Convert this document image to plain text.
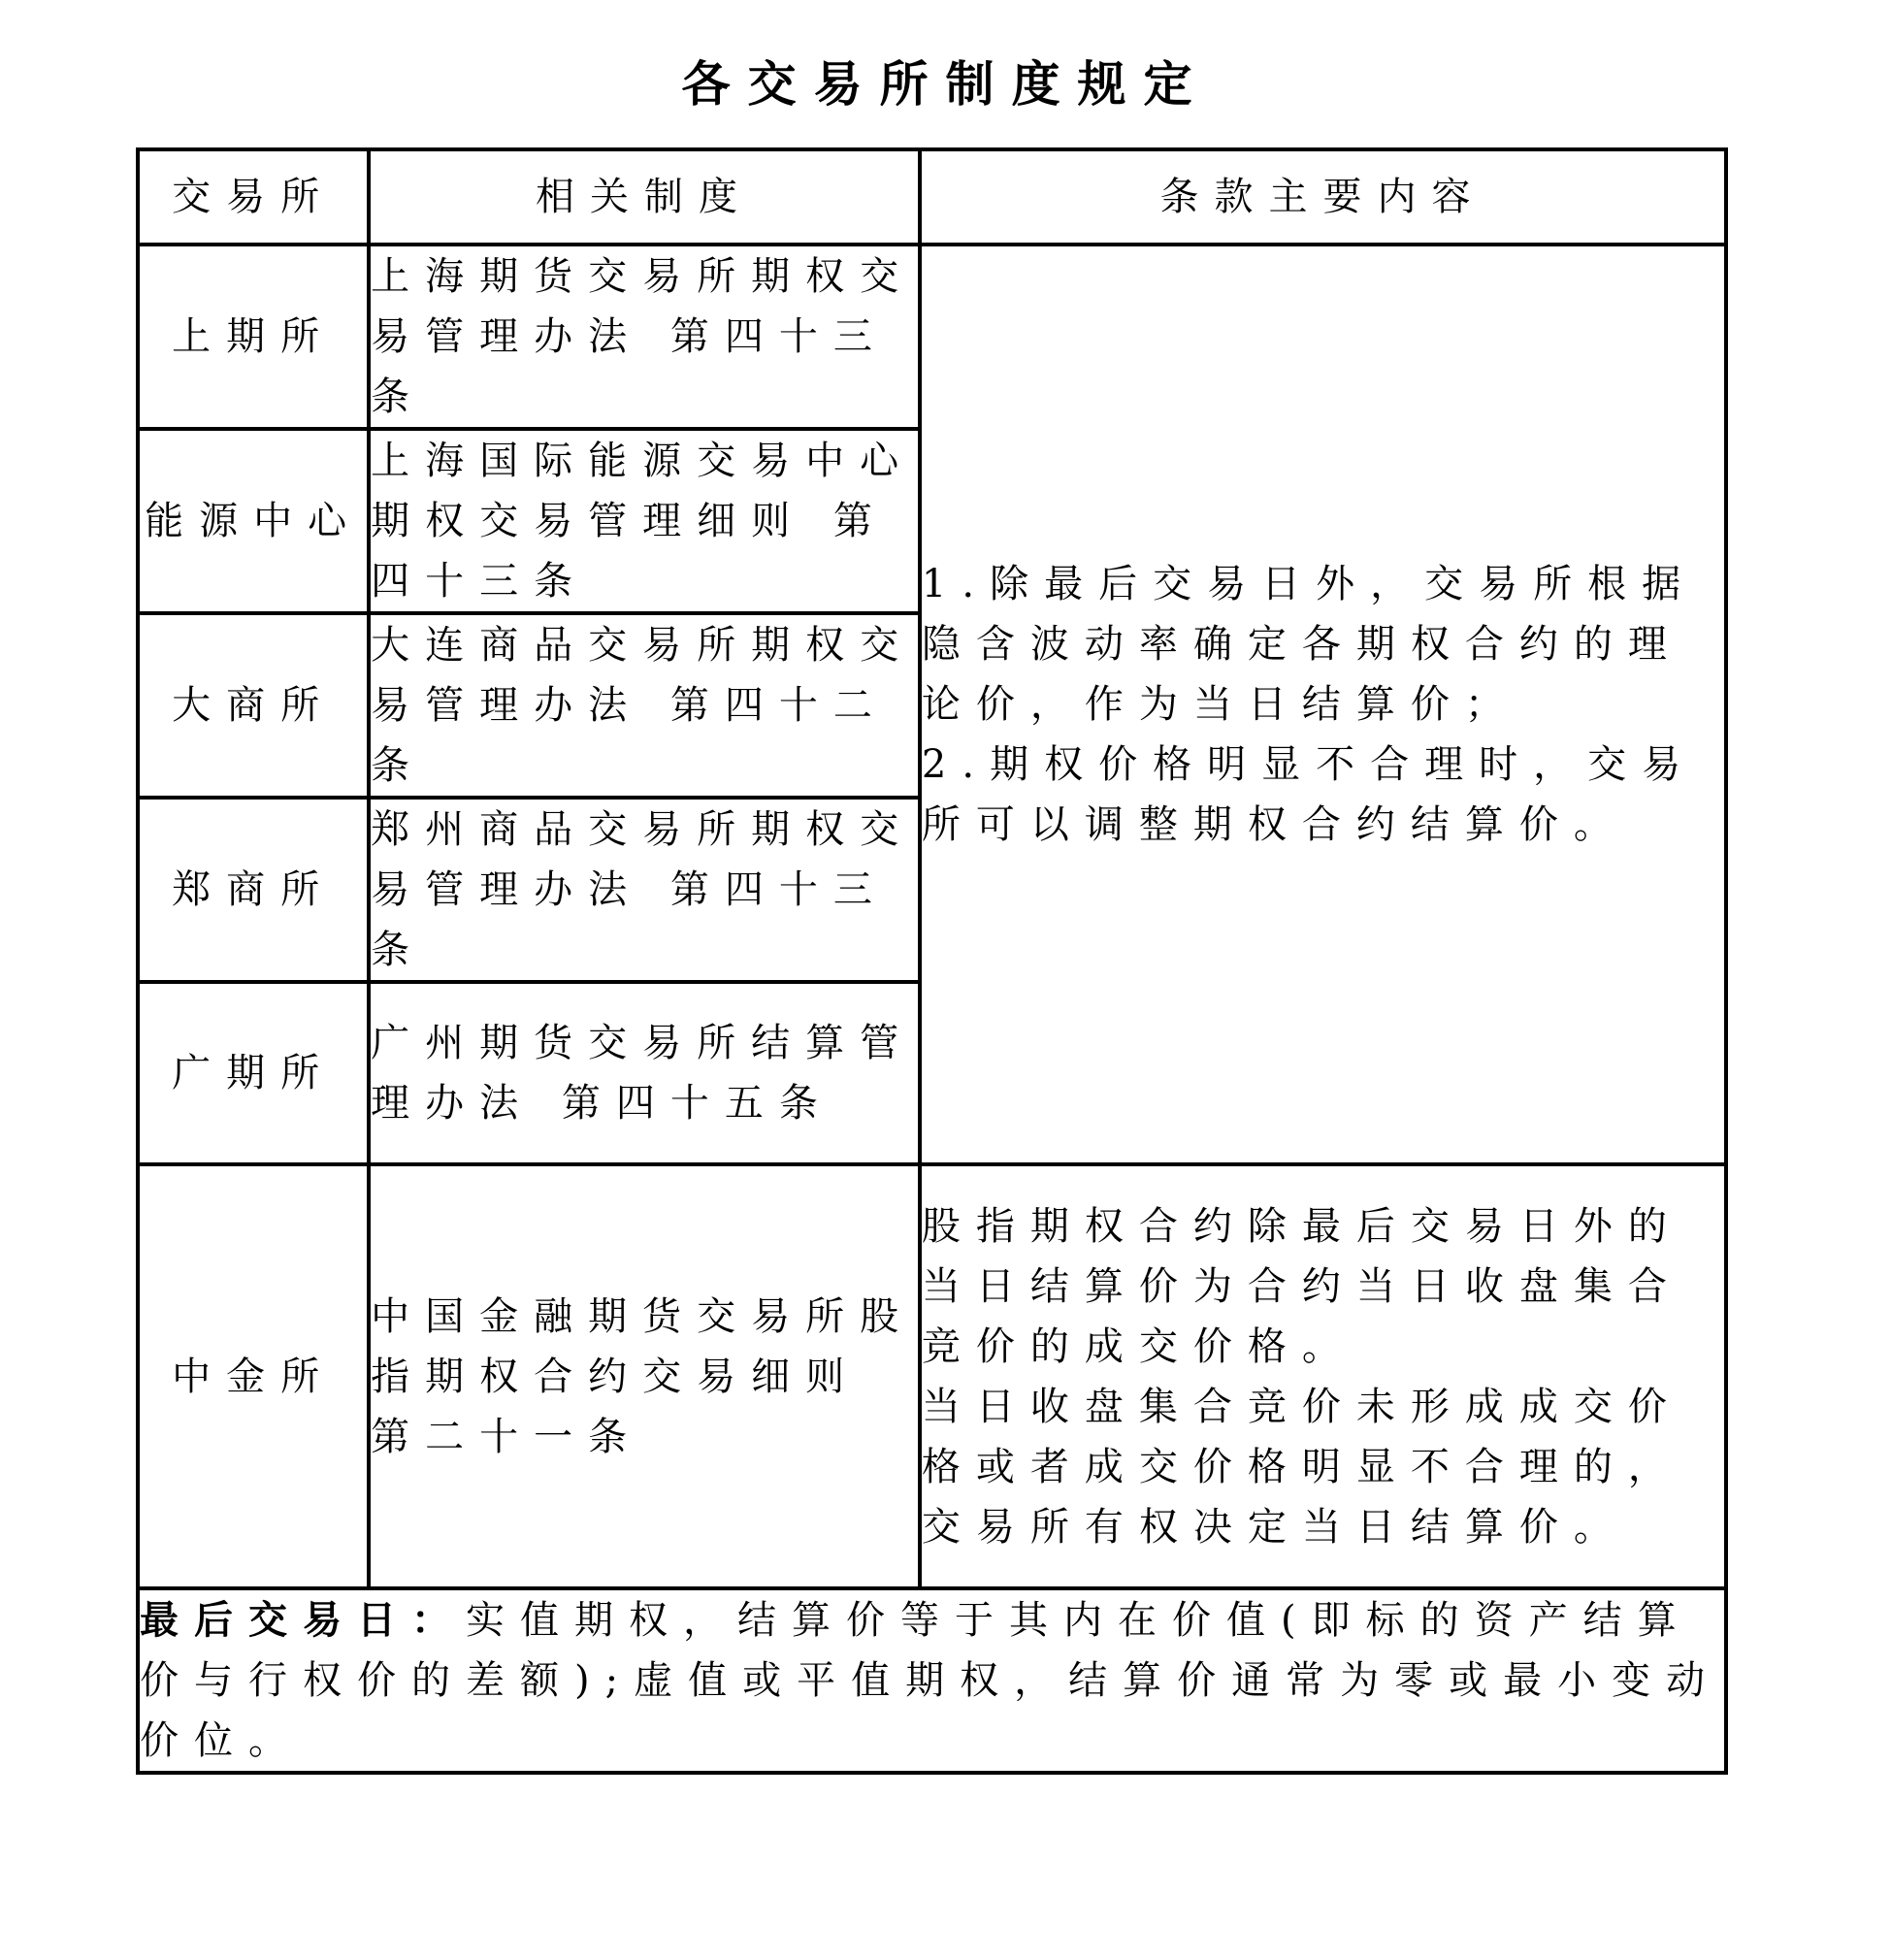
各交易所制度规定
交易所	相关制度	条款主要内容
上期所	上海期货交易所期权交易管理办法 第四十三条	1.除最后交易日外，交易所根据隐含波动率确定各期权合约的理论价，作为当日结算价；
2.期权价格明显不合理时，交易所可以调整期权合约结算价。

能源中心	上海国际能源交易中心期权交易管理细则 第四十三条	
大商所	大连商品交易所期权交易管理办法 第四十二条	
郑商所	郑州商品交易所期权交易管理办法 第四十三条	
广期所	广州期货交易所结算管理办法 第四十五条	
中金所	中国金融期货交易所股指期权合约交易细则 第二十一条	股指期权合约除最后交易日外的当日结算价为合约当日收盘集合竞价的成交价格。
当日收盘集合竞价未形成成交价格或者成交价格明显不合理的，交易所有权决定当日结算价。

最后交易日：实值期权，结算价等于其内在价值(即标的资产结算价与行权价的差额);虚值或平值期权，结算价通常为零或最小变动价位。		
